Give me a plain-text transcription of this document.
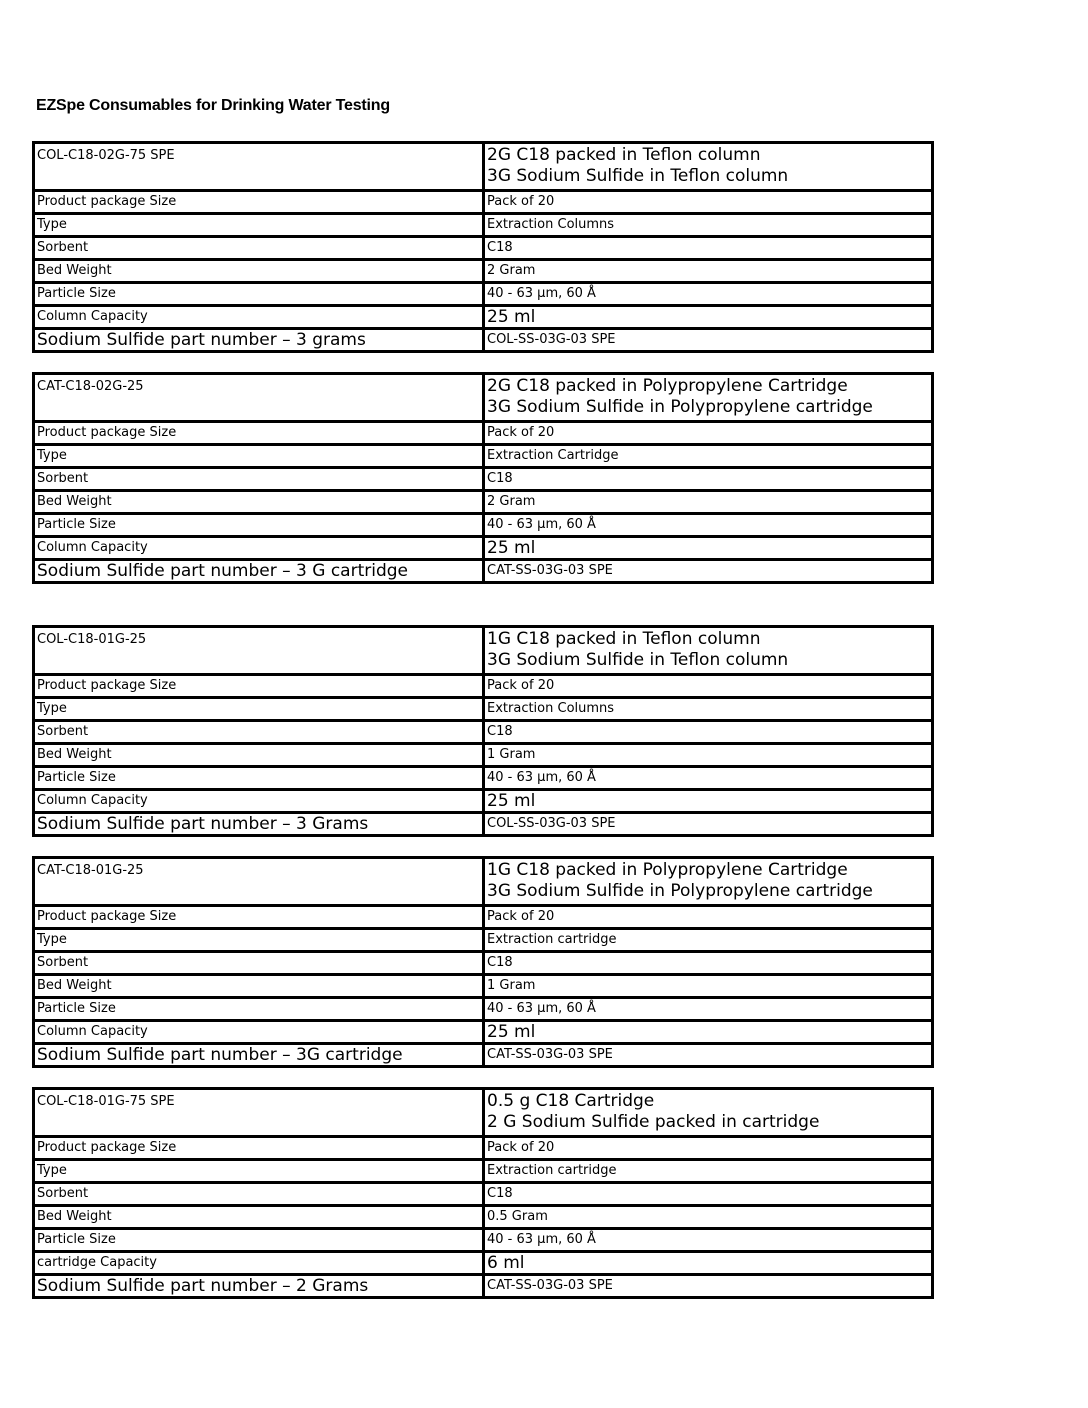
EZSpe Consumables for Drinking Water Testing
COL-C18-02G-75 SPE	2G C18 packed in Teflon column
3G Sodium Sulfide in Teflon column
Product package Size	Pack of 20
Type	Extraction Columns
Sorbent	C18
Bed Weight	2 Gram
Particle Size	40 - 63 µm, 60 Å
Column Capacity	25 ml
Sodium Sulfide part number – 3 grams	COL-SS-03G-03 SPE
CAT-C18-02G-25	2G C18 packed in Polypropylene Cartridge
3G Sodium Sulfide in Polypropylene cartridge
Product package Size	Pack of 20
Type	Extraction Cartridge
Sorbent	C18
Bed Weight	2 Gram
Particle Size	40 - 63 µm, 60 Å
Column Capacity	25 ml
Sodium Sulfide part number – 3 G cartridge	CAT-SS-03G-03 SPE
COL-C18-01G-25	1G C18 packed in Teflon column
3G Sodium Sulfide in Teflon column
Product package Size	Pack of 20
Type	Extraction Columns
Sorbent	C18
Bed Weight	1 Gram
Particle Size	40 - 63 µm, 60 Å
Column Capacity	25 ml
Sodium Sulfide part number – 3 Grams	COL-SS-03G-03 SPE
CAT-C18-01G-25	1G C18 packed in Polypropylene Cartridge
3G Sodium Sulfide in Polypropylene cartridge
Product package Size	Pack of 20
Type	Extraction cartridge
Sorbent	C18
Bed Weight	1 Gram
Particle Size	40 - 63 µm, 60 Å
Column Capacity	25 ml
Sodium Sulfide part number – 3G cartridge	CAT-SS-03G-03 SPE
COL-C18-01G-75 SPE	0.5 g C18 Cartridge
2 G Sodium Sulfide packed in cartridge
Product package Size	Pack of 20
Type	Extraction cartridge
Sorbent	C18
Bed Weight	0.5 Gram
Particle Size	40 - 63 µm, 60 Å
cartridge Capacity	6 ml
Sodium Sulfide part number – 2 Grams	CAT-SS-03G-03 SPE
